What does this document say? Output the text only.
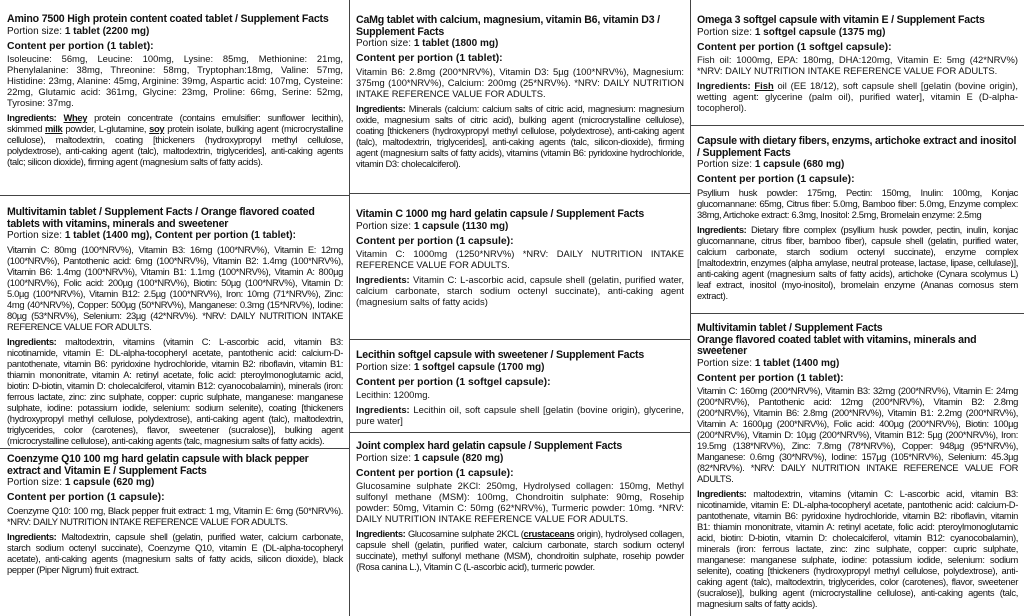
Amino 7500 High protein content coated tablet / Supplement Facts
Portion size: 1 tablet (2200 mg)
Content per portion (1 tablet):
Isoleucine: 56mg, Leucine: 100mg, Lysine: 85mg, Methionine: 21mg, Phenylalanine: 38mg, Threonine: 58mg, Tryptophan:18mg, Valine: 57mg, Histidine: 23mg, Alanine: 45mg, Arginine: 39mg, Aspartic acid: 107mg, Cysteine: 22mg, Glutamic acid: 361mg, Glycine: 23mg, Proline: 66mg, Serine: 52mg, Tyrosine: 37mg.
Ingredients: Whey protein concentrate (contains emulsifier: sunflower lecithin), skimmed milk powder, L-glutamine, soy protein isolate, bulking agent (microcrystalline cellulose), maltodextrin, coating [thickeners (hydroxypropyl methyl cellulose, polydextrose), anti-caking agent (talc), maltodextrin, triglycerides], anti-caking agents (talc; silicon dioxide), firming agent (magnesium salts of fatty acids).
Multivitamin tablet / Supplement Facts / Orange flavored coated tablets with vitamins, minerals and sweetener
Portion size: 1 tablet (1400 mg), Content per portion (1 tablet):
Vitamin C: 80mg (100*NRV%), Vitamin B3: 16mg (100*NRV%), Vitamin E: 12mg (100*NRV%), Pantothenic acid: 6mg (100*NRV%), Vitamin B2: 1.4mg (100*NRV%), Vitamin B6: 1.4mg (100*NRV%), Vitamin B1: 1.1mg (100*NRV%), Vitamin A: 800µg (100*NRV%), Folic acid: 200µg (100*NRV%), Biotin: 50µg (100*NRV%), Vitamin D: 5.0µg (100*NRV%), Vitamin B12: 2.5µg (100*NRV%), Iron: 10mg (71*NRV%), Zinc: 4mg (40*NRV%), Copper: 500µg (50*NRV%), Manganese: 0.3mg (15*NRV%), Iodine: 80µg (53*NRV%), Selenium: 23µg (42*NRV%). *NRV: DAILY NUTRITION INTAKE REFERENCE VALUE FOR ADULTS.
Ingredients: maltodextrin, vitamins (vitamin C: L-ascorbic acid, vitamin B3: nicotinamide, vitamin E: DL-alpha-tocopheryl acetate, pantothenic acid: calcium-D-pantothenate, vitamin B6: pyridoxine hydrochloride, vitamin B2: riboflavin, vitamin B1: thiamin mononitrate, vitamin A: retinyl acetate, folic acid: pteroylmonoglutamic acid, biotin: D-biotin, vitamin D: cholecalciferol, vitamin B12: cyanocobalamin), minerals (iron: ferrous lactate, zinc: zinc sulphate, copper: cupric sulphate, manganese: manganese sulphate, iodine: potassium iodide, selenium: sodium selenite), coating [thickeners (hydroxypropyl methyl cellulose, polydextrose), anti-caking agent (talc), maltodextrin, triglycerides, color (carotenes), flavor, sweetener (sucralose)], bulking agent (microcrystalline cellulose), anti-caking agents (talc, magnesium salts of fatty acids).
Coenzyme Q10 100 mg hard gelatin capsule with black pepper extract and Vitamin E / Supplement Facts
Portion size: 1 capsule (620 mg)
Content per portion (1 capsule):
Coenzyme Q10: 100 mg, Black pepper fruit extract: 1 mg, Vitamin E: 6mg (50*NRV%). *NRV: DAILY NUTRITION INTAKE REFERENCE VALUE FOR ADULTS.
Ingredients: Maltodextrin, capsule shell (gelatin, purified water, calcium carbonate, starch sodium octenyl succinate), Coenzyme Q10, vitamin E (DL-alpha-tocopheryl acetate), anti-caking agents (magnesium salts of fatty acids, silicon dioxide), black pepper (Piper Nigrum) fruit extract.
CaMg tablet with calcium, magnesium, vitamin B6, vitamin D3 / Supplement Facts
Portion size: 1 tablet (1800 mg)
Content per portion (1 tablet):
Vitamin B6: 2.8mg (200*NRV%), Vitamin D3: 5µg (100*NRV%), Magnesium: 375mg (100*NRV%), Calcium: 200mg (25*NRV%). *NRV: DAILY NUTRITION INTAKE REFERENCE VALUE FOR ADULTS.
Ingredients: Minerals (calcium: calcium salts of citric acid, magnesium: magnesium oxide, magnesium salts of citric acid), bulking agent (microcrystalline cellulose), coating [thickeners (hydroxypropyl methyl cellulose, polydextrose), anti-caking agent (talc), maltodextrin, triglycerides], anti-caking agents (talc, silicon-dioxide), firming agent (magnesium salts of fatty acids), vitamins (vitamin B6: pyridoxine hydrochloride, vitamin D3: cholecalciferol).
Vitamin C 1000 mg hard gelatin capsule / Supplement Facts
Portion size: 1 capsule (1130 mg)
Content per portion (1 capsule):
Vitamin C: 1000mg (1250*NRV%) *NRV: DAILY NUTRITION INTAKE REFERENCE VALUE FOR ADULTS.
Ingredients: Vitamin C: L-ascorbic acid, capsule shell (gelatin, purified water, calcium carbonate, starch sodium octenyl succinate), anti-caking agent (magnesium salts of fatty acids)
Lecithin softgel capsule with sweetener / Supplement Facts
Portion size: 1 softgel capsule (1700 mg)
Content per portion (1 softgel capsule):
Lecithin: 1200mg.
Ingredients: Lecithin oil, soft capsule shell [gelatin (bovine origin), glycerine, pure water]
Joint complex hard gelatin capsule / Supplement Facts
Portion size: 1 capsule (820 mg)
Content per portion (1 capsule):
Glucosamine sulphate 2KCl: 250mg, Hydrolysed collagen: 150mg, Methyl sulfonyl methane (MSM): 100mg, Chondroitin sulphate: 90mg, Rosehip powder: 50mg, Vitamin C: 50mg (62*NRV%), Turmeric powder: 10mg. *NRV: DAILY NUTRITION INTAKE REFERENCE VALUE FOR ADULTS.
Ingredients: Glucosamine sulphate 2KCL (crustaceans origin), hydrolysed collagen, capsule shell (gelatin, purified water, calcium carbonate, starch sodium octenyl succinate), methyl sulfonyl methane (MSM), chondroitin sulphate, rosehip powder (Rosa canina L.), Vitamin C (L-ascorbic acid), turmeric powder.
Omega 3 softgel capsule with vitamin E / Supplement Facts
Portion size: 1 softgel capsule (1375 mg)
Content per portion (1 softgel capsule):
Fish oil: 1000mg, EPA: 180mg, DHA:120mg, Vitamin E: 5mg (42*NRV%) *NRV: DAILY NUTRITION INTAKE REFERENCE VALUE FOR ADULTS.
Ingredients: Fish oil (EE 18/12), soft capsule shell [gelatin (bovine origin), wetting agent: glycerine (palm oil), purified water], vitamin E (D-alpha-tocopherol).
Capsule with dietary fibers, enzyms, artichoke extract and inositol / Supplement Facts
Portion size: 1 capsule (680 mg)
Content per portion (1 capsule):
Psyllium husk powder: 175mg, Pectin: 150mg, Inulin: 100mg, Konjac glucomannane: 65mg, Citrus fiber: 5.0mg, Bamboo fiber: 5.0mg, Enzyme complex: 38mg, Artichoke extract: 6.3mg, Inositol: 2.5mg, Bromelain enzyme: 2.5mg
Ingredients: Dietary fibre complex (psyllium husk powder, pectin, inulin, konjac glucomannane, citrus fiber, bamboo fiber), capsule shell (gelatin, purified water, calcium carbonate, starch sodium octenyl succinate), enzyme complex [maltodextrin, enzymes (alpha amylase, neutral protease, lactase, lipase, cellulase)], anti-caking agent (magnesium salts of fatty acids), artichoke (Cynara scolymus L) leaf extract, inositol (myo-inositol), bromelain enzyme (Ananas comosus stem extract).
Multivitamin tablet / Supplement Facts
Orange flavored coated tablet with vitamins, minerals and sweetener
Portion size: 1 tablet (1400 mg)
Content per portion (1 tablet):
Vitamin C: 160mg (200*NRV%), Vitamin B3: 32mg (200*NRV%), Vitamin E: 24mg (200*NRV%), Pantothenic acid: 12mg (200*NRV%), Vitamin B2: 2.8mg (200*NRV%), Vitamin B6: 2.8mg (200*NRV%), Vitamin B1: 2.2mg (200*NRV%), Vitamin A: 1600µg (200*NRV%), Folic acid: 400µg (200*NRV%), Biotin: 100µg (200*NRV%), Vitamin D: 10µg (200*NRV%), Vitamin B12: 5µg (200*NRV%), Iron: 19.5mg (138*NRV%), Zinc: 7.8mg (78*NRV%), Copper: 948µg (95*NRV%), Manganese: 0.6mg (30*NRV%), Iodine: 157µg (105*NRV%), Selenium: 45.3µg (82*NRV%). *NRV: DAILY NUTRITION INTAKE REFERENCE VALUE FOR ADULTS.
Ingredients: maltodextrin, vitamins (vitamin C: L-ascorbic acid, vitamin B3: nicotinamide, vitamin E: DL-alpha-tocopheryl acetate, pantothenic acid: calcium-D-pantothenate, vitamin B6: pyridoxine hydrochloride, vitamin B2: riboflavin, vitamin B1: thiamin mononitrate, vitamin A: retinyl acetate, folic acid: pteroylmonoglutamic acid, biotin: D-biotin, vitamin D: cholecalciferol, vitamin B12: cyanocobalamin), minerals (iron: ferrous lactate, zinc: zinc sulphate, copper: cupric sulphate, manganese: manganese sulphate, iodine: potassium iodide, selenium: sodium selenite), coating [thickeners (hydroxypropyl methyl cellulose, polydextrose), anti-caking agent (talc), maltodextrin, triglycerides, color (carotenes), flavor, sweetener (sucralose)], bulking agent (microcrystalline cellulose), anti-caking agents (talc, magnesium salts of fatty acids).
